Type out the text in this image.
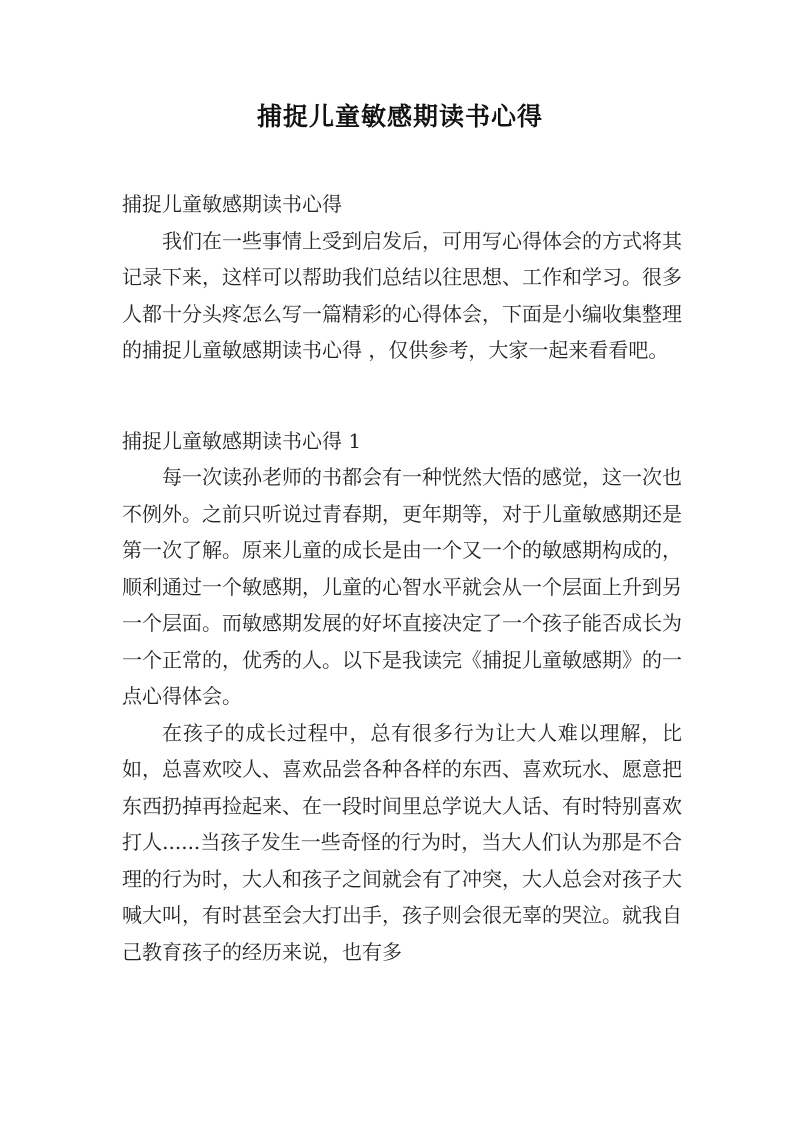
捕捉儿童敏感期读书心得

捕捉儿童敏感期读书心得

我们在一些事情上受到启发后，可用写心得体会的方式将其记录下来，这样可以帮助我们总结以往思想、工作和学习。很多人都十分头疼怎么写一篇精彩的心得体会，下面是小编收集整理的捕捉儿童敏感期读书心得 ，仅供参考，大家一起来看看吧。

捕捉儿童敏感期读书心得 1

每一次读孙老师的书都会有一种恍然大悟的感觉，这一次也不例外。之前只听说过青春期，更年期等，对于儿童敏感期还是第一次了解。原来儿童的成长是由一个又一个的敏感期构成的，顺利通过一个敏感期，儿童的心智水平就会从一个层面上升到另一个层面。而敏感期发展的好坏直接决定了一个孩子能否成长为一个正常的，优秀的人。以下是我读完《捕捉儿童敏感期》的一点心得体会。

在孩子的成长过程中，总有很多行为让大人难以理解，比如，总喜欢咬人、喜欢品尝各种各样的东西、喜欢玩水、愿意把东西扔掉再捡起来、在一段时间里总学说大人话、有时特别喜欢打人......当孩子发生一些奇怪的行为时，当大人们认为那是不合理的行为时，大人和孩子之间就会有了冲突，大人总会对孩子大喊大叫，有时甚至会大打出手，孩子则会很无辜的哭泣。就我自己教育孩子的经历来说，也有多
